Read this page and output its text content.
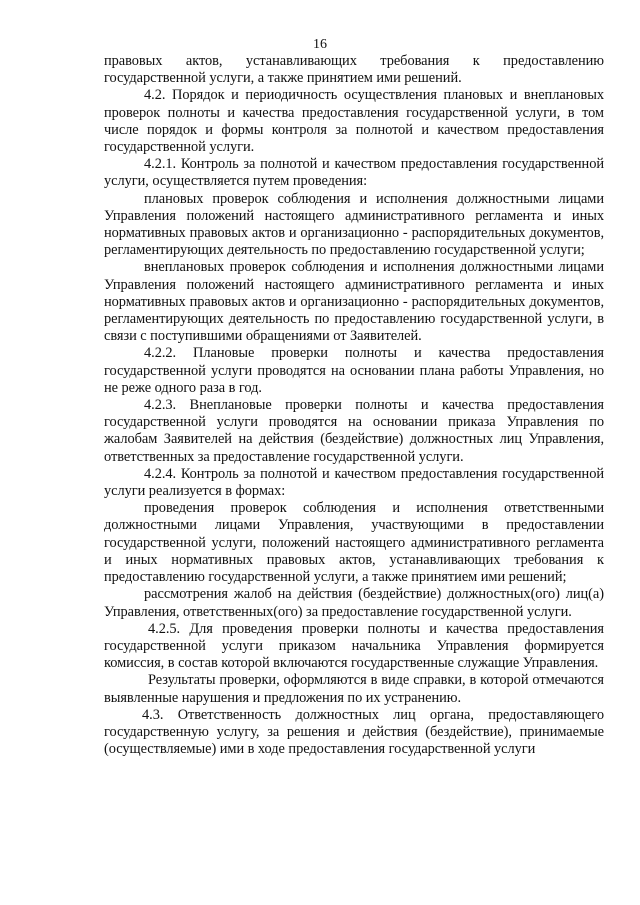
16

правовых актов, устанавливающих требования к предоставлению государственной услуги, а также принятием ими решений.

4.2. Порядок и периодичность осуществления плановых и внеплановых проверок полноты и качества предоставления государственной услуги, в том числе порядок и формы контроля за полнотой и качеством предоставления государственной услуги.

4.2.1. Контроль за полнотой и качеством предоставления государственной услуги, осуществляется путем проведения:

плановых проверок соблюдения и исполнения должностными лицами Управления положений настоящего административного регламента и иных нормативных правовых актов и организационно - распорядительных документов, регламентирующих деятельность по предоставлению государственной услуги;

внеплановых проверок соблюдения и исполнения должностными лицами Управления положений настоящего административного регламента и иных нормативных правовых актов и организационно - распорядительных документов, регламентирующих деятельность по предоставлению государственной услуги, в связи с поступившими обращениями от Заявителей.

4.2.2. Плановые проверки полноты и качества предоставления государственной услуги проводятся на основании плана работы Управления, но не реже одного раза в год.

4.2.3. Внеплановые проверки полноты и качества предоставления государственной услуги проводятся на основании приказа Управления по жалобам Заявителей на действия (бездействие) должностных лиц Управления, ответственных за предоставление государственной услуги.

4.2.4. Контроль за полнотой и качеством предоставления государственной услуги реализуется в формах:

проведения проверок соблюдения и исполнения ответственными должностными лицами Управления, участвующими в предоставлении государственной услуги, положений настоящего административного регламента и иных нормативных правовых актов, устанавливающих требования к предоставлению государственной услуги, а также принятием ими решений;

рассмотрения жалоб на действия (бездействие) должностных(ого) лиц(а) Управления, ответственных(ого) за предоставление государственной услуги.

4.2.5. Для проведения проверки полноты и качества предоставления государственной услуги приказом начальника Управления формируется комиссия, в состав которой включаются государственные служащие Управления.

Результаты проверки, оформляются в виде справки, в которой отмечаются выявленные нарушения и предложения по их устранению.

4.3. Ответственность должностных лиц органа, предоставляющего государственную услугу, за решения и действия (бездействие), принимаемые (осуществляемые) ими в ходе предоставления государственной услуги
